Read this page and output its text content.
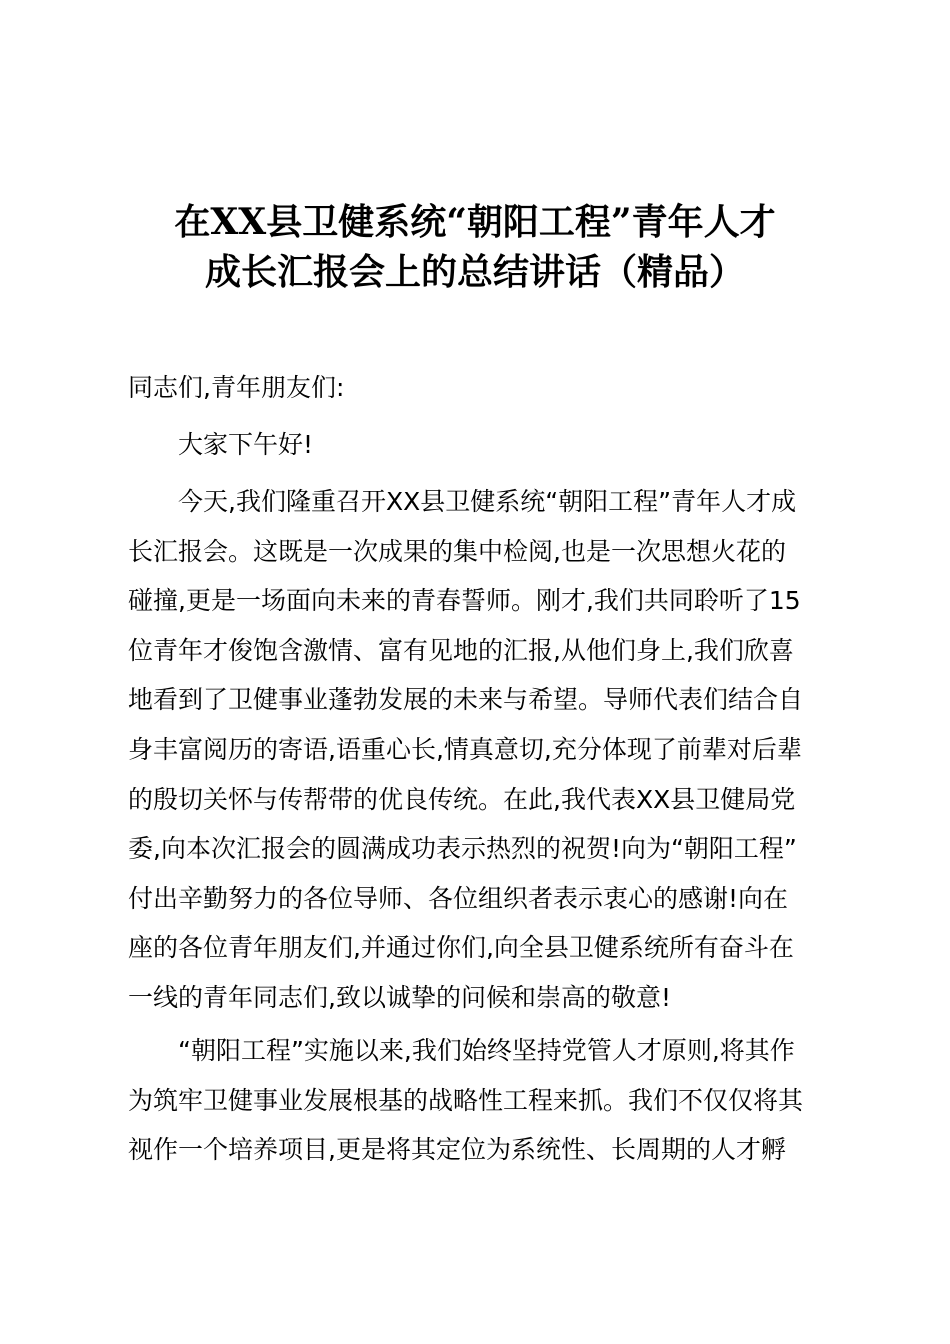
在XX县卫健系统“朝阳工程”青年人才
成长汇报会上的总结讲话（精品）
同志们,青年朋友们:
大家下午好!
今天,我们隆重召开XX县卫健系统“朝阳工程”青年人才成
长汇报会。这既是一次成果的集中检阅,也是一次思想火花的
碰撞,更是一场面向未来的青春誓师。刚才,我们共同聆听了15
位青年才俊饱含激情、富有见地的汇报,从他们身上,我们欣喜
地看到了卫健事业蓬勃发展的未来与希望。导师代表们结合自
身丰富阅历的寄语,语重心长,情真意切,充分体现了前辈对后辈
的殷切关怀与传帮带的优良传统。在此,我代表XX县卫健局党
委,向本次汇报会的圆满成功表示热烈的祝贺!向为“朝阳工程”
付出辛勤努力的各位导师、各位组织者表示衷心的感谢!向在
座的各位青年朋友们,并通过你们,向全县卫健系统所有奋斗在
一线的青年同志们,致以诚挚的问候和崇高的敬意!
“朝阳工程”实施以来,我们始终坚持党管人才原则,将其作
为筑牢卫健事业发展根基的战略性工程来抓。我们不仅仅将其
视作一个培养项目,更是将其定位为系统性、长周期的人才孵
